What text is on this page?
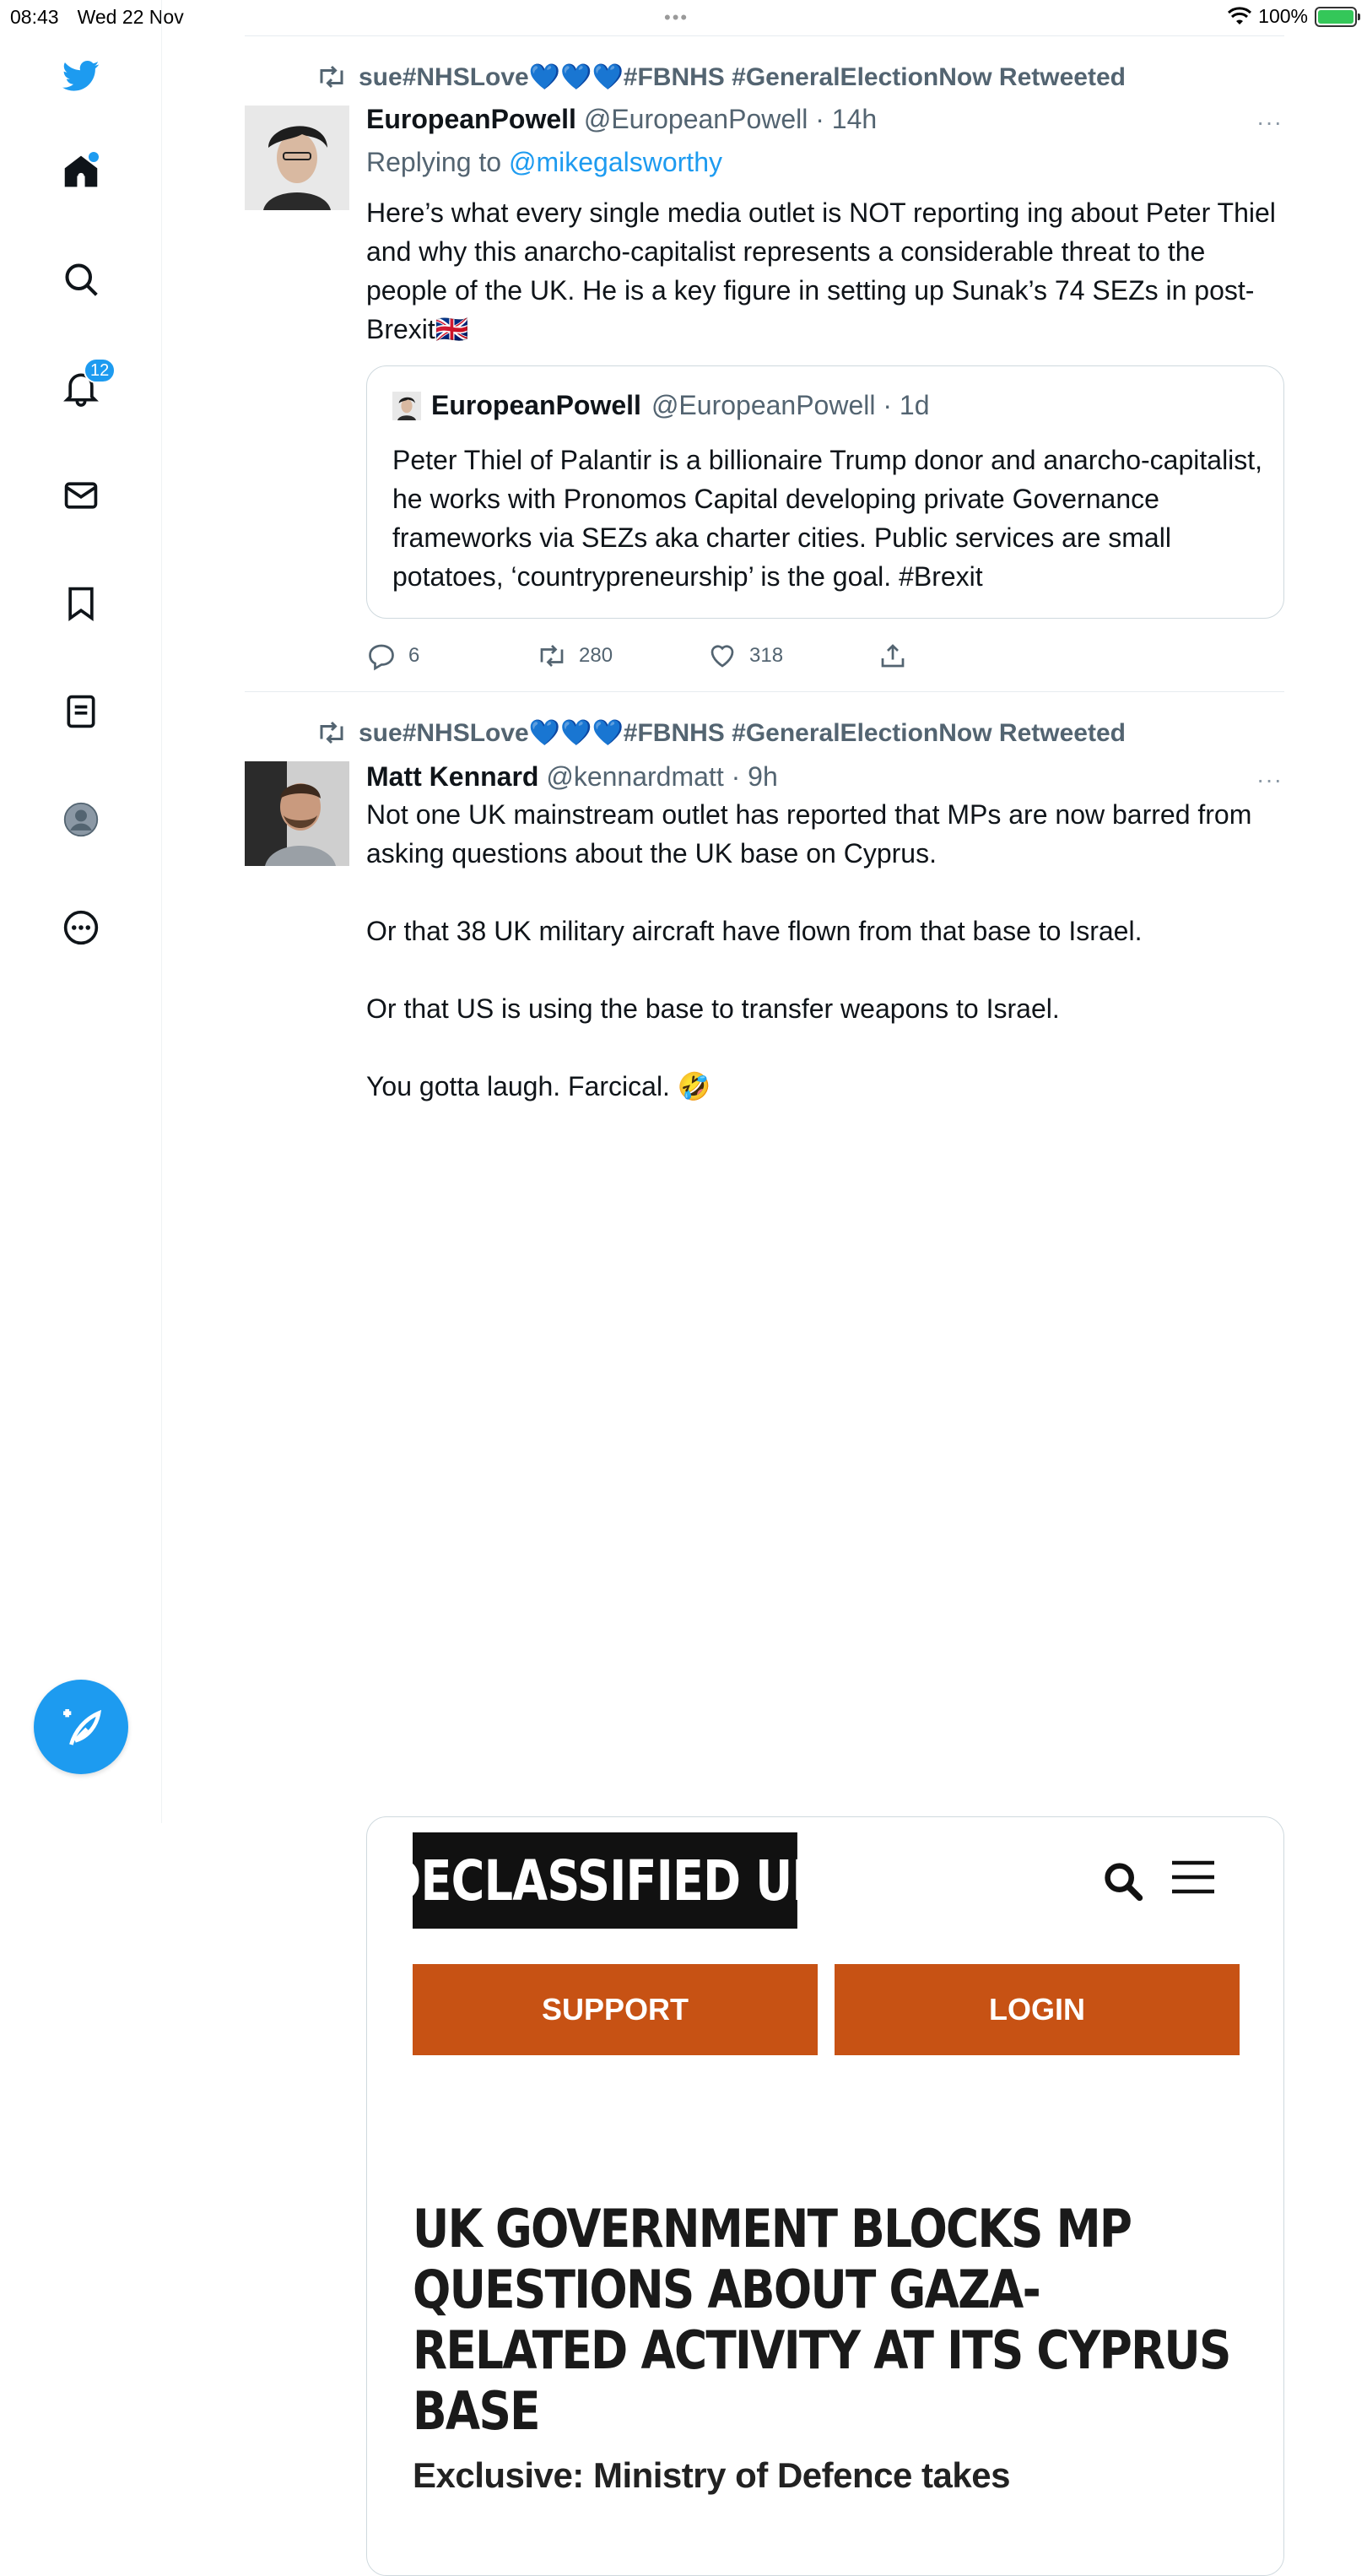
08:43 Wed 22 Nov	•••	100%
12
sue#NHSLove💙💙💙#FBNHS #GeneralElectionNow Retweeted
EuropeanPowell @EuropeanPowell · 14h	···
Replying to @mikegalsworthy
Here’s what every single media outlet is NOT reporting ing about Peter Thiel and why this anarcho-capitalist represents a considerable threat to the people of the UK. He is a key figure in setting up Sunak’s 74 SEZs in post-Brexit🇬🇧
EuropeanPowell @EuropeanPowell · 1d
Peter Thiel of Palantir is a billionaire Trump donor and anarcho-capitalist, he works with Pronomos Capital developing private Governance frameworks via SEZs aka charter cities. Public services are small potatoes, ‘countrypreneurship’ is the goal. #Brexit
6	280	318
sue#NHSLove💙💙💙#FBNHS #GeneralElectionNow Retweeted
Matt Kennard @kennardmatt · 9h	···
Not one UK mainstream outlet has reported that MPs are now barred from asking questions about the UK base on Cyprus.

Or that 38 UK military aircraft have flown from that base to Israel.

Or that US is using the base to transfer weapons to Israel.

You gotta laugh. Farcical. 🤣
DECLASSIFIED UK
SUPPORT	LOGIN
UK GOVERNMENT BLOCKS MP QUESTIONS ABOUT GAZA-RELATED ACTIVITY AT ITS CYPRUS BASE
Exclusive: Ministry of Defence takes
